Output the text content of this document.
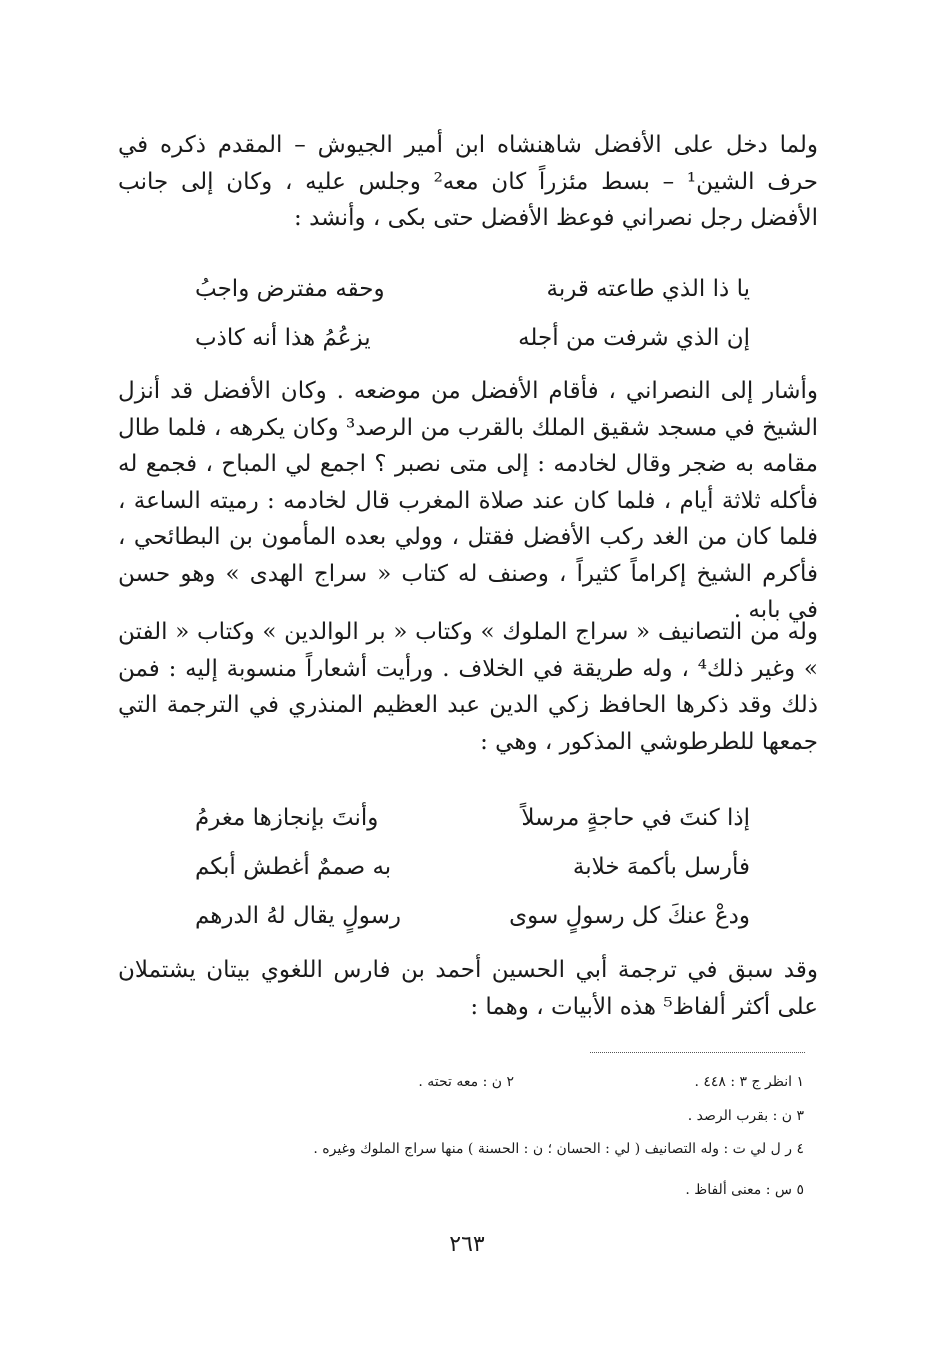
ولما دخل على الأفضل شاهنشاه ابن أمير الجيوش – المقدم ذكره في حرف الشين¹ – بسط مئزراً كان معه² وجلس عليه ، وكان إلى جانب الأفضل رجل نصراني فوعظ الأفضل حتى بكى ، وأنشد :

يا ذا الذي طاعته قربة
وحقه مفترض واجبُ
إن الذي شرفت من أجله
يزعُمُ هذا أنه كاذب

وأشار إلى النصراني ، فأقام الأفضل من موضعه . وكان الأفضل قد أنزل الشيخ في مسجد شقيق الملك بالقرب من الرصد³ وكان يكرهه ، فلما طال مقامه به ضجر وقال لخادمه : إلى متى نصبر ؟ اجمع لي المباح ، فجمع له فأكله ثلاثة أيام ، فلما كان عند صلاة المغرب قال لخادمه : رميته الساعة ، فلما كان من الغد ركب الأفضل فقتل ، وولي بعده المأمون بن البطائحي ، فأكرم الشيخ إكراماً كثيراً ، وصنف له كتاب « سراج الهدى » وهو حسن في بابه .

وله من التصانيف « سراج الملوك » وكتاب « بر الوالدين » وكتاب « الفتن » وغير ذلك⁴ ، وله طريقة في الخلاف . ورأيت أشعاراً منسوبة إليه : فمن ذلك وقد ذكرها الحافظ زكي الدين عبد العظيم المنذري في الترجمة التي جمعها للطرطوشي المذكور ، وهي :

إذا كنتَ في حاجةٍ مرسلاً
وأنتَ بإنجازها مغرمُ
فأرسل بأكمهَ خلابة
به صممٌ أغطش أبكم
ودعْ عنكَ كل رسولٍ سوى
رسولٍ يقال لهُ الدرهم

وقد سبق في ترجمة أبي الحسين أحمد بن فارس اللغوي بيتان يشتملان على أكثر ألفاظ⁵ هذه الأبيات ، وهما :

١ انظر ج ٣ : ٤٤٨ .
٢ ن : معه تحته .
٣ ن : بقرب الرصد .
٤ ر ل لي ت : وله التصانيف ( لي : الحسان ؛ ن : الحسنة ) منها سراج الملوك وغيره .
٥ س : معنى ألفاظ .
٢٦٣
